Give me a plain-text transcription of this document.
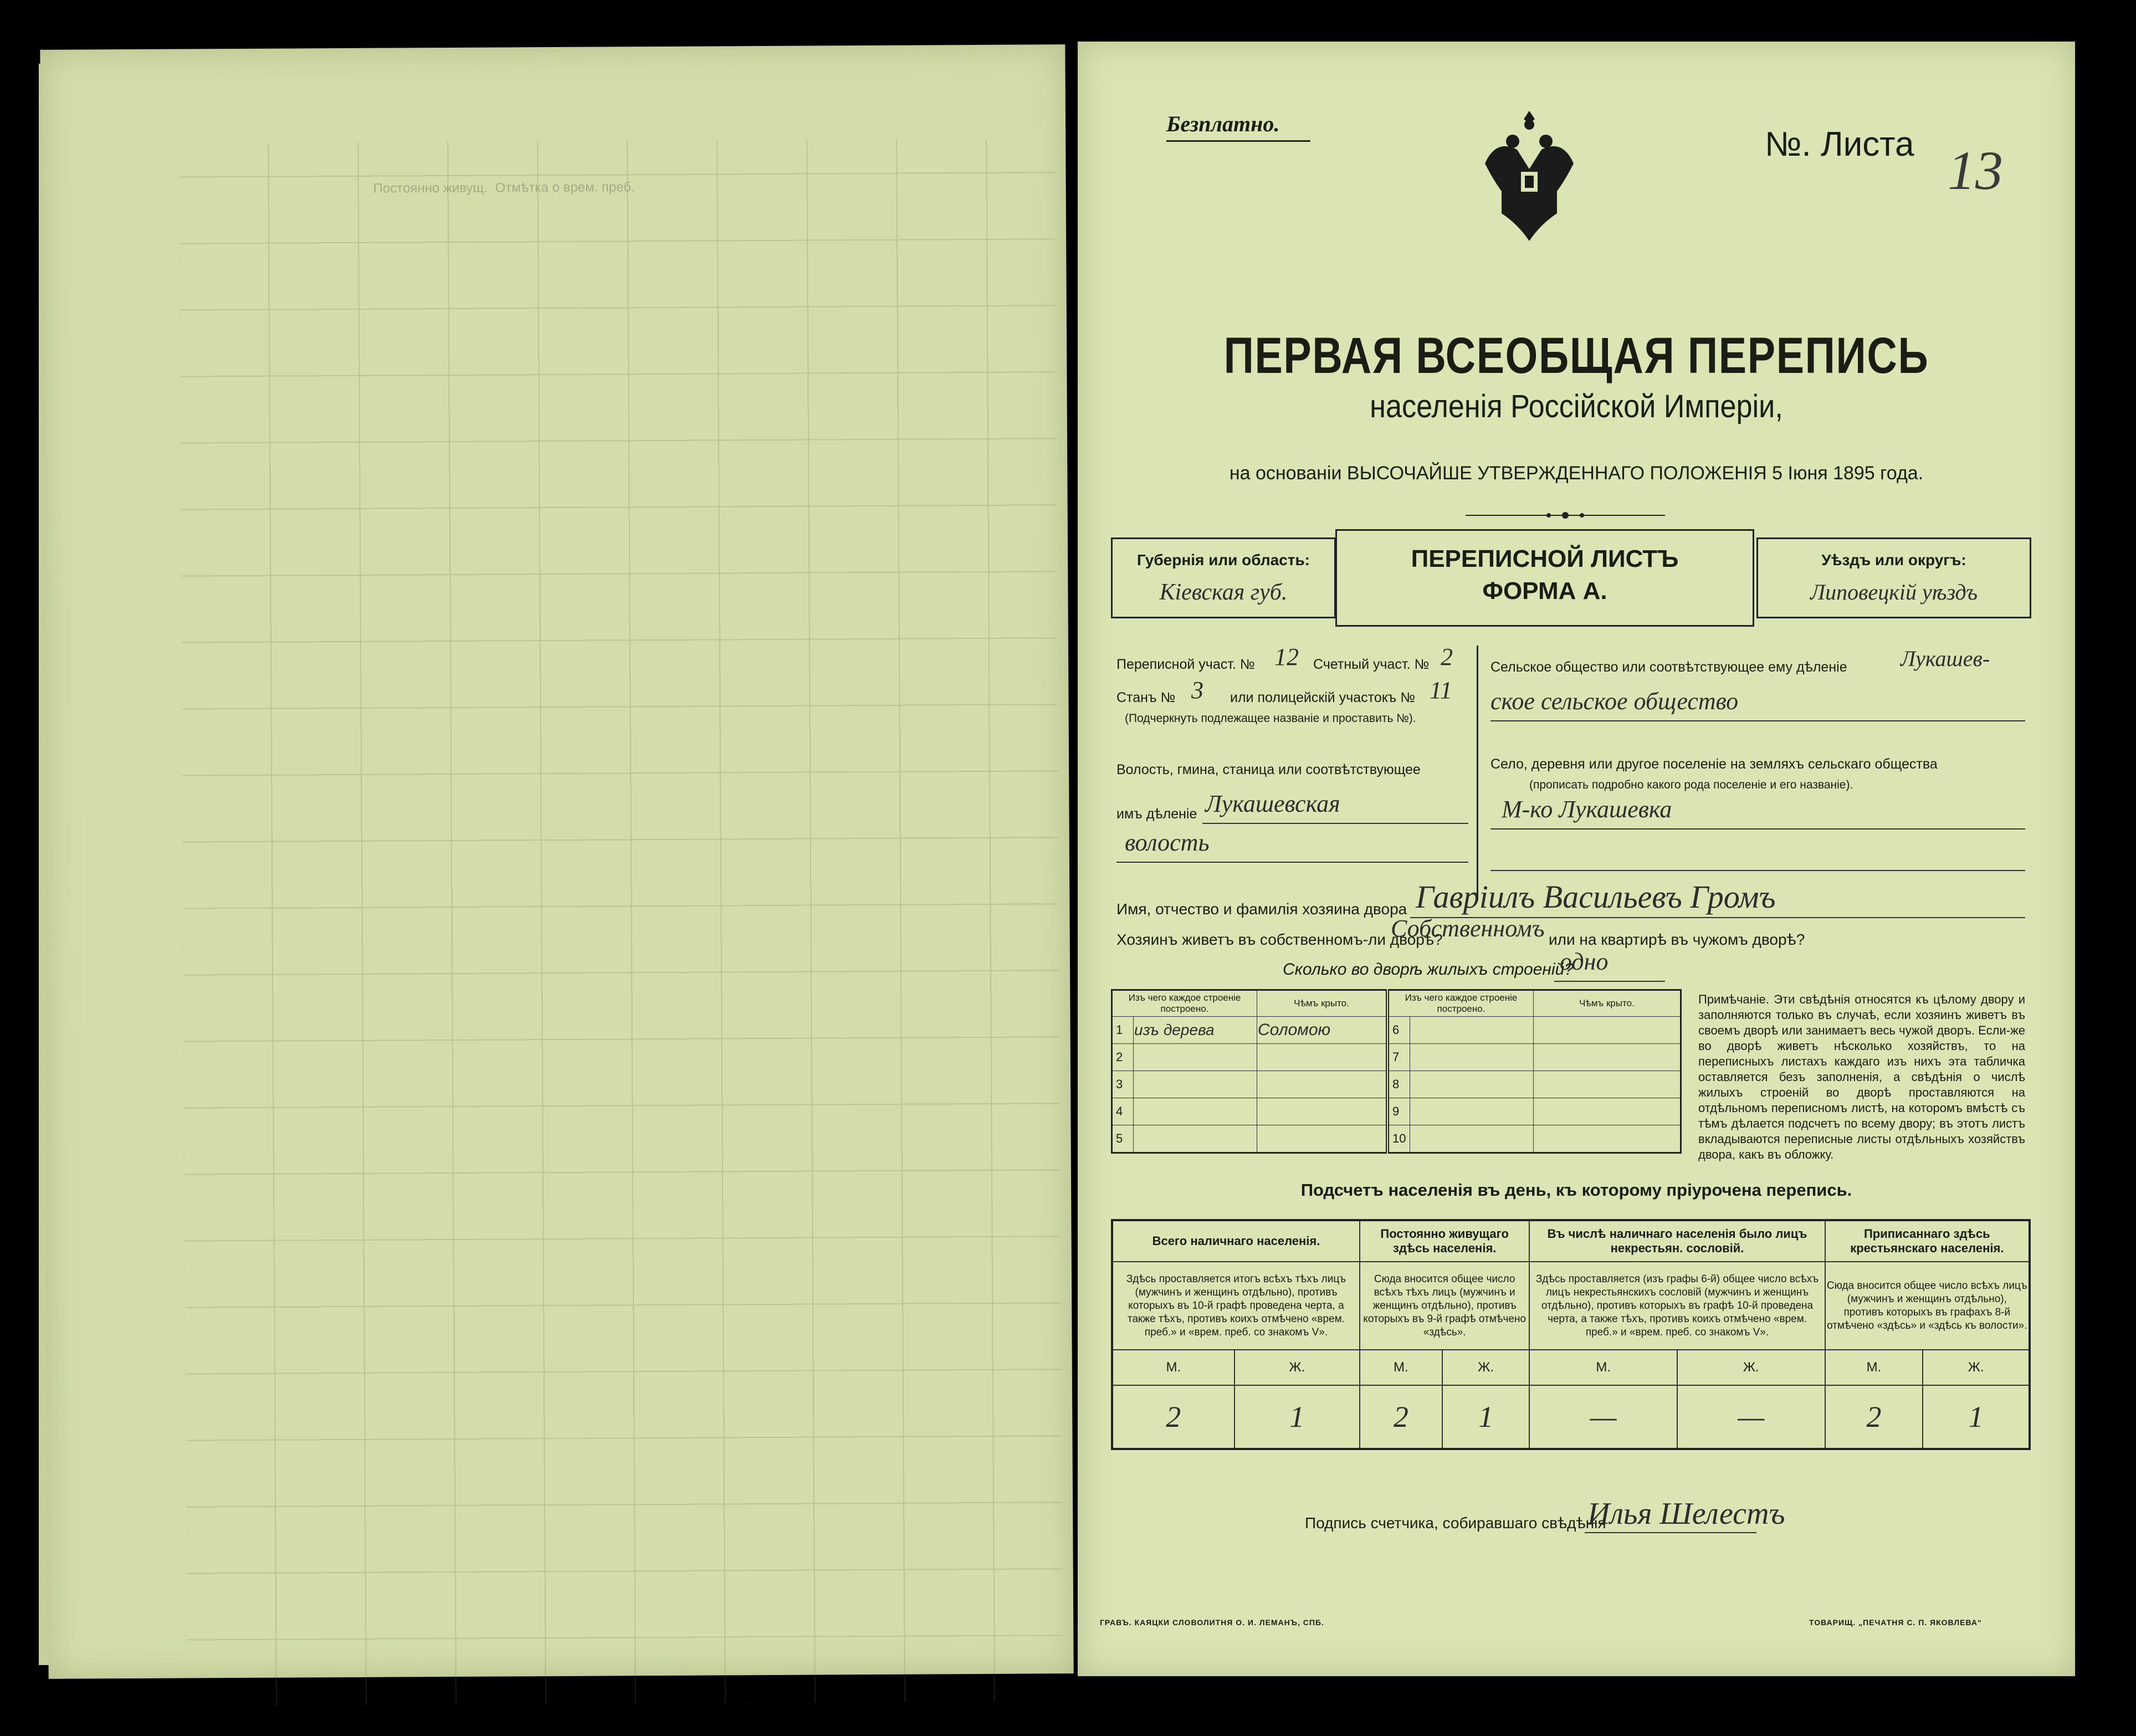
Постоянно живущ. Отмѣтка о врем. преб.
Безплатно.
№. Листа 13
ПЕРВАЯ ВСЕОБЩАЯ ПЕРЕПИСЬ
населенія Россійской Имперіи,
на основаніи ВЫСОЧАЙШЕ УТВЕРЖДЕННАГО ПОЛОЖЕНІЯ 5 Іюня 1895 года.
Губернія или область:
Кіевская губ.
ПЕРЕПИСНОЙ ЛИСТЪ
ФОРМА А.
Уѣздъ или округъ:
Липовецкій уѣздъ
Переписной участ. № 12 Счетный участ. № 2
Станъ № 3 или полицейскій участокъ № 11
(Подчеркнуть подлежащее названіе и проставить №).
Волость, гмина, станица или соотвѣтствующее
имъ дѣленіе Лукашевская
волость
Сельское общество или соотвѣтствующее ему дѣленіе Лукашев-
ское сельское общество
Село, деревня или другое поселеніе на земляхъ сельскаго общества
(прописать подробно какого рода поселеніе и его названіе).
М-ко Лукашевка
Имя, отчество и фамилія хозяина двора Гавріилъ Васильевъ Громъ
Хозяинъ живетъ въ собственномъ-ли дворѣ?
Собственномъ или на квартирѣ въ чужомъ дворѣ?
Сколько во дворѣ жилыхъ строеній?
одно
Изъ чего каждое строеніе построено.		Чѣмъ крыто.	Изъ чего каждое строеніе построено.		Чѣмъ крыто.
1	изъ дерева	Соломою	6		
2			7		
3			8		
4			9		
5			10		
Примѣчаніе. Эти свѣдѣнія относятся къ цѣлому двору и заполняются только въ случаѣ, если хозяинъ живетъ въ своемъ дворѣ или занимаетъ весь чужой дворъ. Если-же во дворѣ живетъ нѣсколько хозяйствъ, то на переписныхъ листахъ каждаго изъ нихъ эта табличка оставляется безъ заполненія, а свѣдѣнія о числѣ жилыхъ строеній во дворѣ проставляются на отдѣльномъ переписномъ листѣ, на которомъ вмѣстѣ съ тѣмъ дѣлается подсчетъ по всему двору; въ этотъ листъ вкладываются переписные листы отдѣльныхъ хозяйствъ двора, какъ въ обложку.
Подсчетъ населенія въ день, къ которому пріурочена перепись.
Всего наличнаго населенія.		Постоянно живущаго здѣсь населенія.		Въ числѣ наличнаго населенія было лицъ некрестьян. сословій.		Приписаннаго здѣсь крестьянскаго населенія.	
Здѣсь проставляется итогъ всѣхъ тѣхъ лицъ (мужчинъ и женщинъ отдѣльно), противъ которыхъ въ 10-й графѣ проведена черта, а также тѣхъ, противъ коихъ отмѣчено «врем. преб.» и «врем. преб. со знакомъ V».		Сюда вносится общее число всѣхъ тѣхъ лицъ (мужчинъ и женщинъ отдѣльно), противъ которыхъ въ 9-й графѣ отмѣчено «здѣсь».		Здѣсь проставляется (изъ графы 6-й) общее число всѣхъ лицъ некрестьянскихъ сословій (мужчинъ и женщинъ отдѣльно), противъ которыхъ въ графѣ 10-й проведена черта, а также тѣхъ, противъ коихъ отмѣчено «врем. преб.» и «врем. преб. со знакомъ V».		Сюда вносится общее число всѣхъ лицъ (мужчинъ и женщинъ отдѣльно), противъ которыхъ въ графахъ 8-й отмѣчено «здѣсь» и «здѣсь къ волости».	
М.	Ж.	М.	Ж.	М.	Ж.	М.	Ж.
2	1	2	1	—	—	2	1
Подпись счетчика, собиравшаго свѣдѣнія
Илья Шелестъ
ГРАВЪ. КАЯЦКИ СЛОВОЛИТНЯ О. И. ЛЕМАНЪ, СПБ.	ТОВАРИЩ. „ПЕЧАТНЯ С. П. ЯКОВЛЕВА“
